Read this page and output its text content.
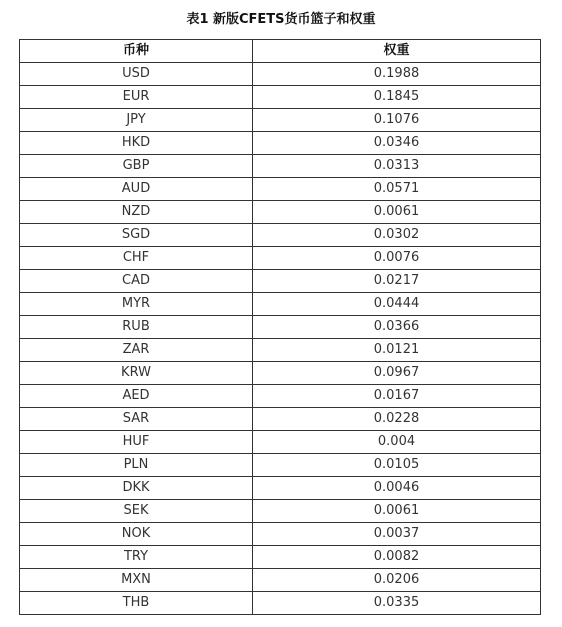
表1 新版CFETS货币篮子和权重
币种	权重
USD	0.1988
EUR	0.1845
JPY	0.1076
HKD	0.0346
GBP	0.0313
AUD	0.0571
NZD	0.0061
SGD	0.0302
CHF	0.0076
CAD	0.0217
MYR	0.0444
RUB	0.0366
ZAR	0.0121
KRW	0.0967
AED	0.0167
SAR	0.0228
HUF	0.004
PLN	0.0105
DKK	0.0046
SEK	0.0061
NOK	0.0037
TRY	0.0082
MXN	0.0206
THB	0.0335
